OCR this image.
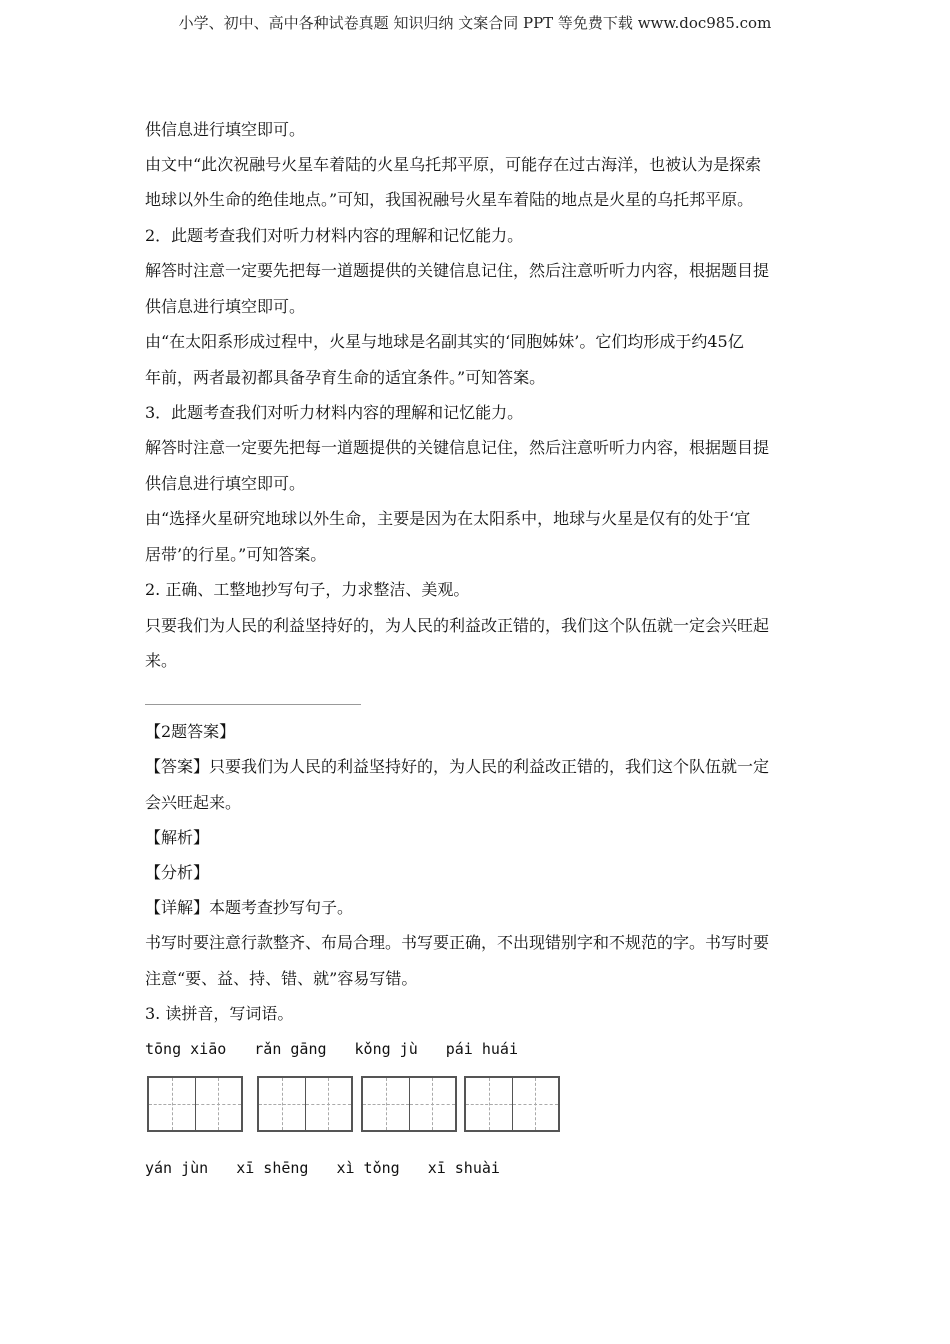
小学、初中、高中各种试卷真题 知识归纳 文案合同 PPT 等免费下载 www.doc985.com
供信息进行填空即可。
由文中“此次祝融号火星车着陆的火星乌托邦平原，可能存在过古海洋，也被认为是探索
地球以外生命的绝佳地点。”可知，我国祝融号火星车着陆的地点是火星的乌托邦平原。
2．此题考查我们对听力材料内容的理解和记忆能力。
解答时注意一定要先把每一道题提供的关键信息记住，然后注意听听力内容，根据题目提
供信息进行填空即可。
由“在太阳系形成过程中，火星与地球是名副其实的‘同胞姊妹’。它们均形成于约45亿
年前，两者最初都具备孕育生命的适宜条件。”可知答案。
3．此题考查我们对听力材料内容的理解和记忆能力。
解答时注意一定要先把每一道题提供的关键信息记住，然后注意听听力内容，根据题目提
供信息进行填空即可。
由“选择火星研究地球以外生命，主要是因为在太阳系中，地球与火星是仅有的处于‘宜
居带’的行星。”可知答案。
2. 正确、工整地抄写句子，力求整洁、美观。
只要我们为人民的利益坚持好的，为人民的利益改正错的，我们这个队伍就一定会兴旺起
来。
【2题答案】
【答案】只要我们为人民的利益坚持好的，为人民的利益改正错的，我们这个队伍就一定
会兴旺起来。
【解析】
【分析】
【详解】本题考查抄写句子。
书写时要注意行款整齐、布局合理。书写要正确，不出现错别字和不规范的字。书写时要
注意“要、益、持、错、就”容易写错。
3. 读拼音，写词语。
tōng xiāo rǎn gāng kǒng jù pái huái
yán jùn xī shēng xì tǒng xī shuài
